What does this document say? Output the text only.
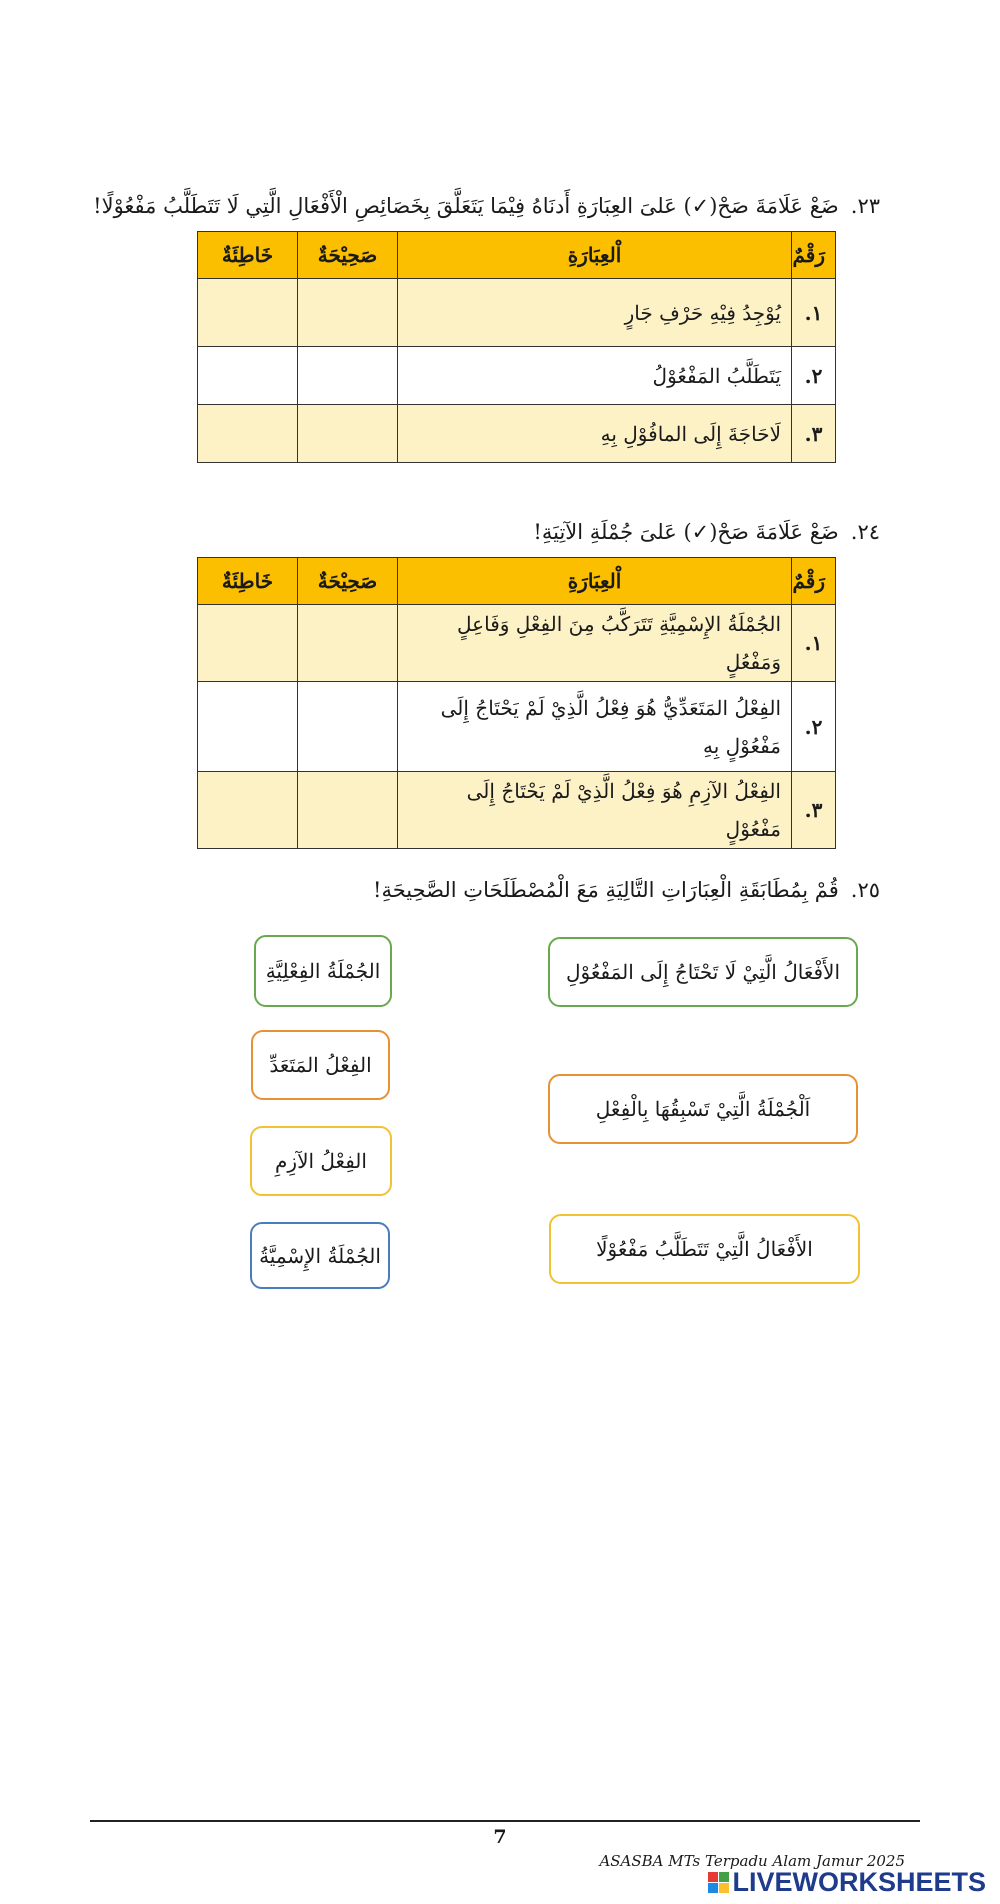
٢٣.ضَعْ عَلَامَةَ صَحْ(✓) عَلىَ العِبَارَةِ أَدنَاهُ فِيْمَا يَتَعَلَّقَ بِخَصَائِصِ الْأَفْعَالِ الَّتِي لَا تَتَطَلَّبُ مَفْعُوْلًا!
رَقْمٌ	اْلعِبَارَةِ	صَحِيْحَةٌ	خَاطِئَةٌ
١.	يُوْجِدُ فِيْهِ حَرْفِ جَارٍ		
٢.	يَتَطَلَّبُ المَفْعُوْلُ		
٣.	لَاحَاجَةَ إِلَى المافُوْلِ بِهِ		
٢٤.ضَعْ عَلَامَةَ صَحْ(✓) عَلىَ جُمْلَةِ الآتِيَةِ!
رَقْمٌ	اْلعِبَارَةِ	صَحِيْحَةٌ	خَاطِئَةٌ
١.	الجُمْلَةُ الإِسْمِيَّةِ تَتَرَكَّبُ مِنَ الفِعْلِ وَفَاعِلٍ وَمَفْعُلٍ		
٢.	الفِعْلُ المَتَعَدِّيُّ هُوَ فِعْلُ الَّذِيْ لَمْ يَحْتَاجُ إِلَى مَفْعُوْلٍ بِهِ		
٣.	الفِعْلُ الآزِمِ هُوَ فِعْلُ الَّذِيْ لَمْ يَحْتَاجُ إِلَى مَفْعُوْلٍ		
٢٥.قُمْ بِمُطَابَقَةِ الْعِبَارَاتِ التَّالِيَةِ مَعَ الْمُصْطَلَحَاتِ الصَّحِيحَةِ!
الأَفْعَالُ الَّتِيْ لَا تَحْتَاجُ إِلَى المَفْعُوْلِ
اَلْجُمْلَةُ الَّتِيْ تَسْبِقُهَا بِالْفِعْلِ
الأَفْعَالُ الَّتِيْ تَتَطَلَّبُ مَفْعُوْلًا
الجُمْلَةُ الفِعْلِيَّةِ
الفِعْلُ المَتَعَدِّ
الفِعْلُ الآزِمِ
الجُمْلَةُ الإِسْمِيَّةُ
7
ASASBA MTs Terpadu Alam Jamur 2025
LIVEWORKSHEETS
